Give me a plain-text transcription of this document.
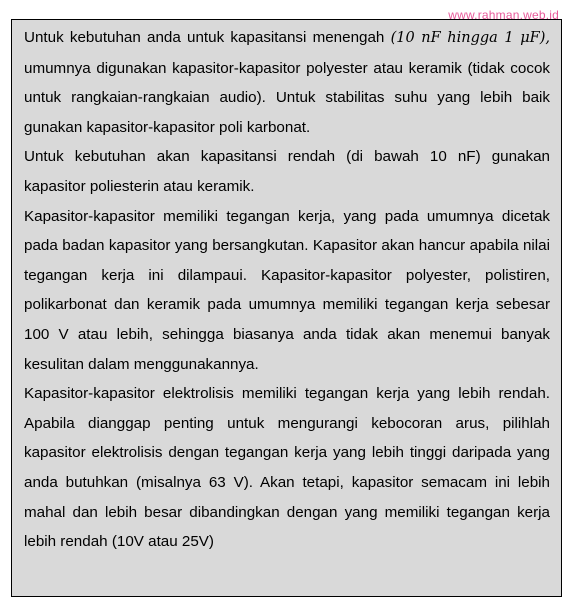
www.rahman.web.id

Untuk kebutuhan anda untuk kapasitansi menengah (10 nF hingga 1 μF), umumnya digunakan kapasitor-kapasitor polyester atau keramik (tidak cocok untuk rangkaian-rangkaian audio). Untuk stabilitas suhu yang lebih baik gunakan kapasitor-kapasitor poli karbonat.

Untuk kebutuhan akan kapasitansi rendah (di bawah 10 nF) gunakan kapasitor poliesterin atau keramik.

Kapasitor-kapasitor memiliki tegangan kerja, yang pada umumnya dicetak pada badan kapasitor yang bersangkutan. Kapasitor akan hancur apabila nilai tegangan kerja ini dilampaui. Kapasitor-kapasitor polyester, polistiren, polikarbonat dan keramik pada umumnya memiliki tegangan kerja sebesar 100 V atau lebih, sehingga biasanya anda tidak akan menemui banyak kesulitan dalam menggunakannya.

Kapasitor-kapasitor elektrolisis memiliki tegangan kerja yang lebih rendah. Apabila dianggap penting untuk mengurangi kebocoran arus, pilihlah kapasitor elektrolisis dengan tegangan kerja yang lebih tinggi daripada yang anda butuhkan (misalnya 63 V). Akan tetapi, kapasitor semacam ini lebih mahal dan lebih besar dibandingkan dengan yang memiliki tegangan kerja lebih rendah (10V atau 25V)
